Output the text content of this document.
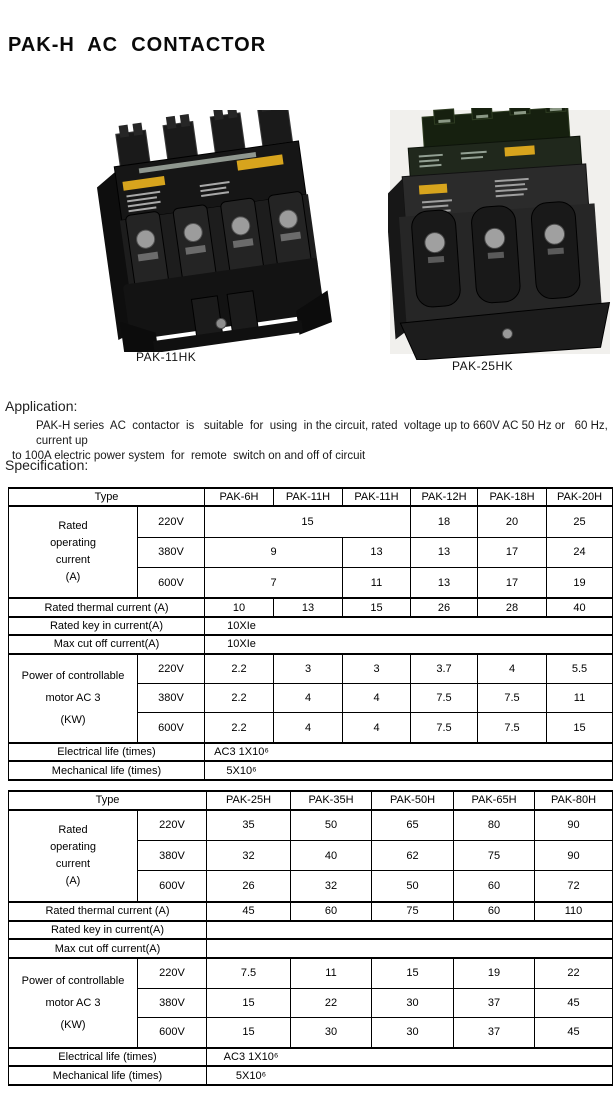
PAK-H  AC  CONTACTOR
PAK-11HK
PAK-25HK
Application:
PAK-H series  AC  contactor  is   suitable  for  using  in the circuit, rated  voltage up to 660V AC 50 Hz or   60 Hz, current up
to 100A electric power system  for  remote  switch on and off of circuit
Specification:
Type		PAK-6H	PAK-11H	PAK-11H	PAK-12H	PAK-18H	PAK-20H

Rated
operating
current
(A)	220V	15			18	20	25
	380V	9		13	13	17	24
	600V	7		11	13	17	19
Rated thermal current (A)		10	13	15	26	28	40
Rated key in current(A)		10XIe					
Max cut off current(A)		10XIe					

Power of controllable
motor AC 3
(KW)	220V	2.2	3	3	3.7	4	5.5
	380V	2.2	4	4	7.5	7.5	11
	600V	2.2	4	4	7.5	7.5	15
Electrical life (times)		AC3 1X10⁶					
Mechanical life (times)		5X10⁶					
Type		PAK-25H	PAK-35H	PAK-50H	PAK-65H	PAK-80H

Rated
operating
current
(A)	220V	35	50	65	80	90
	380V	32	40	62	75	90
	600V	26	32	50	60	72
Rated thermal current (A)		45	60	75	60	110
Rated key in current(A)						
Max cut off current(A)						

Power of controllable
motor AC 3
(KW)	220V	7.5	11	15	19	22
	380V	15	22	30	37	45
	600V	15	30	30	37	45
Electrical life (times)		AC3 1X10⁶				
Mechanical life (times)		5X10⁶				
